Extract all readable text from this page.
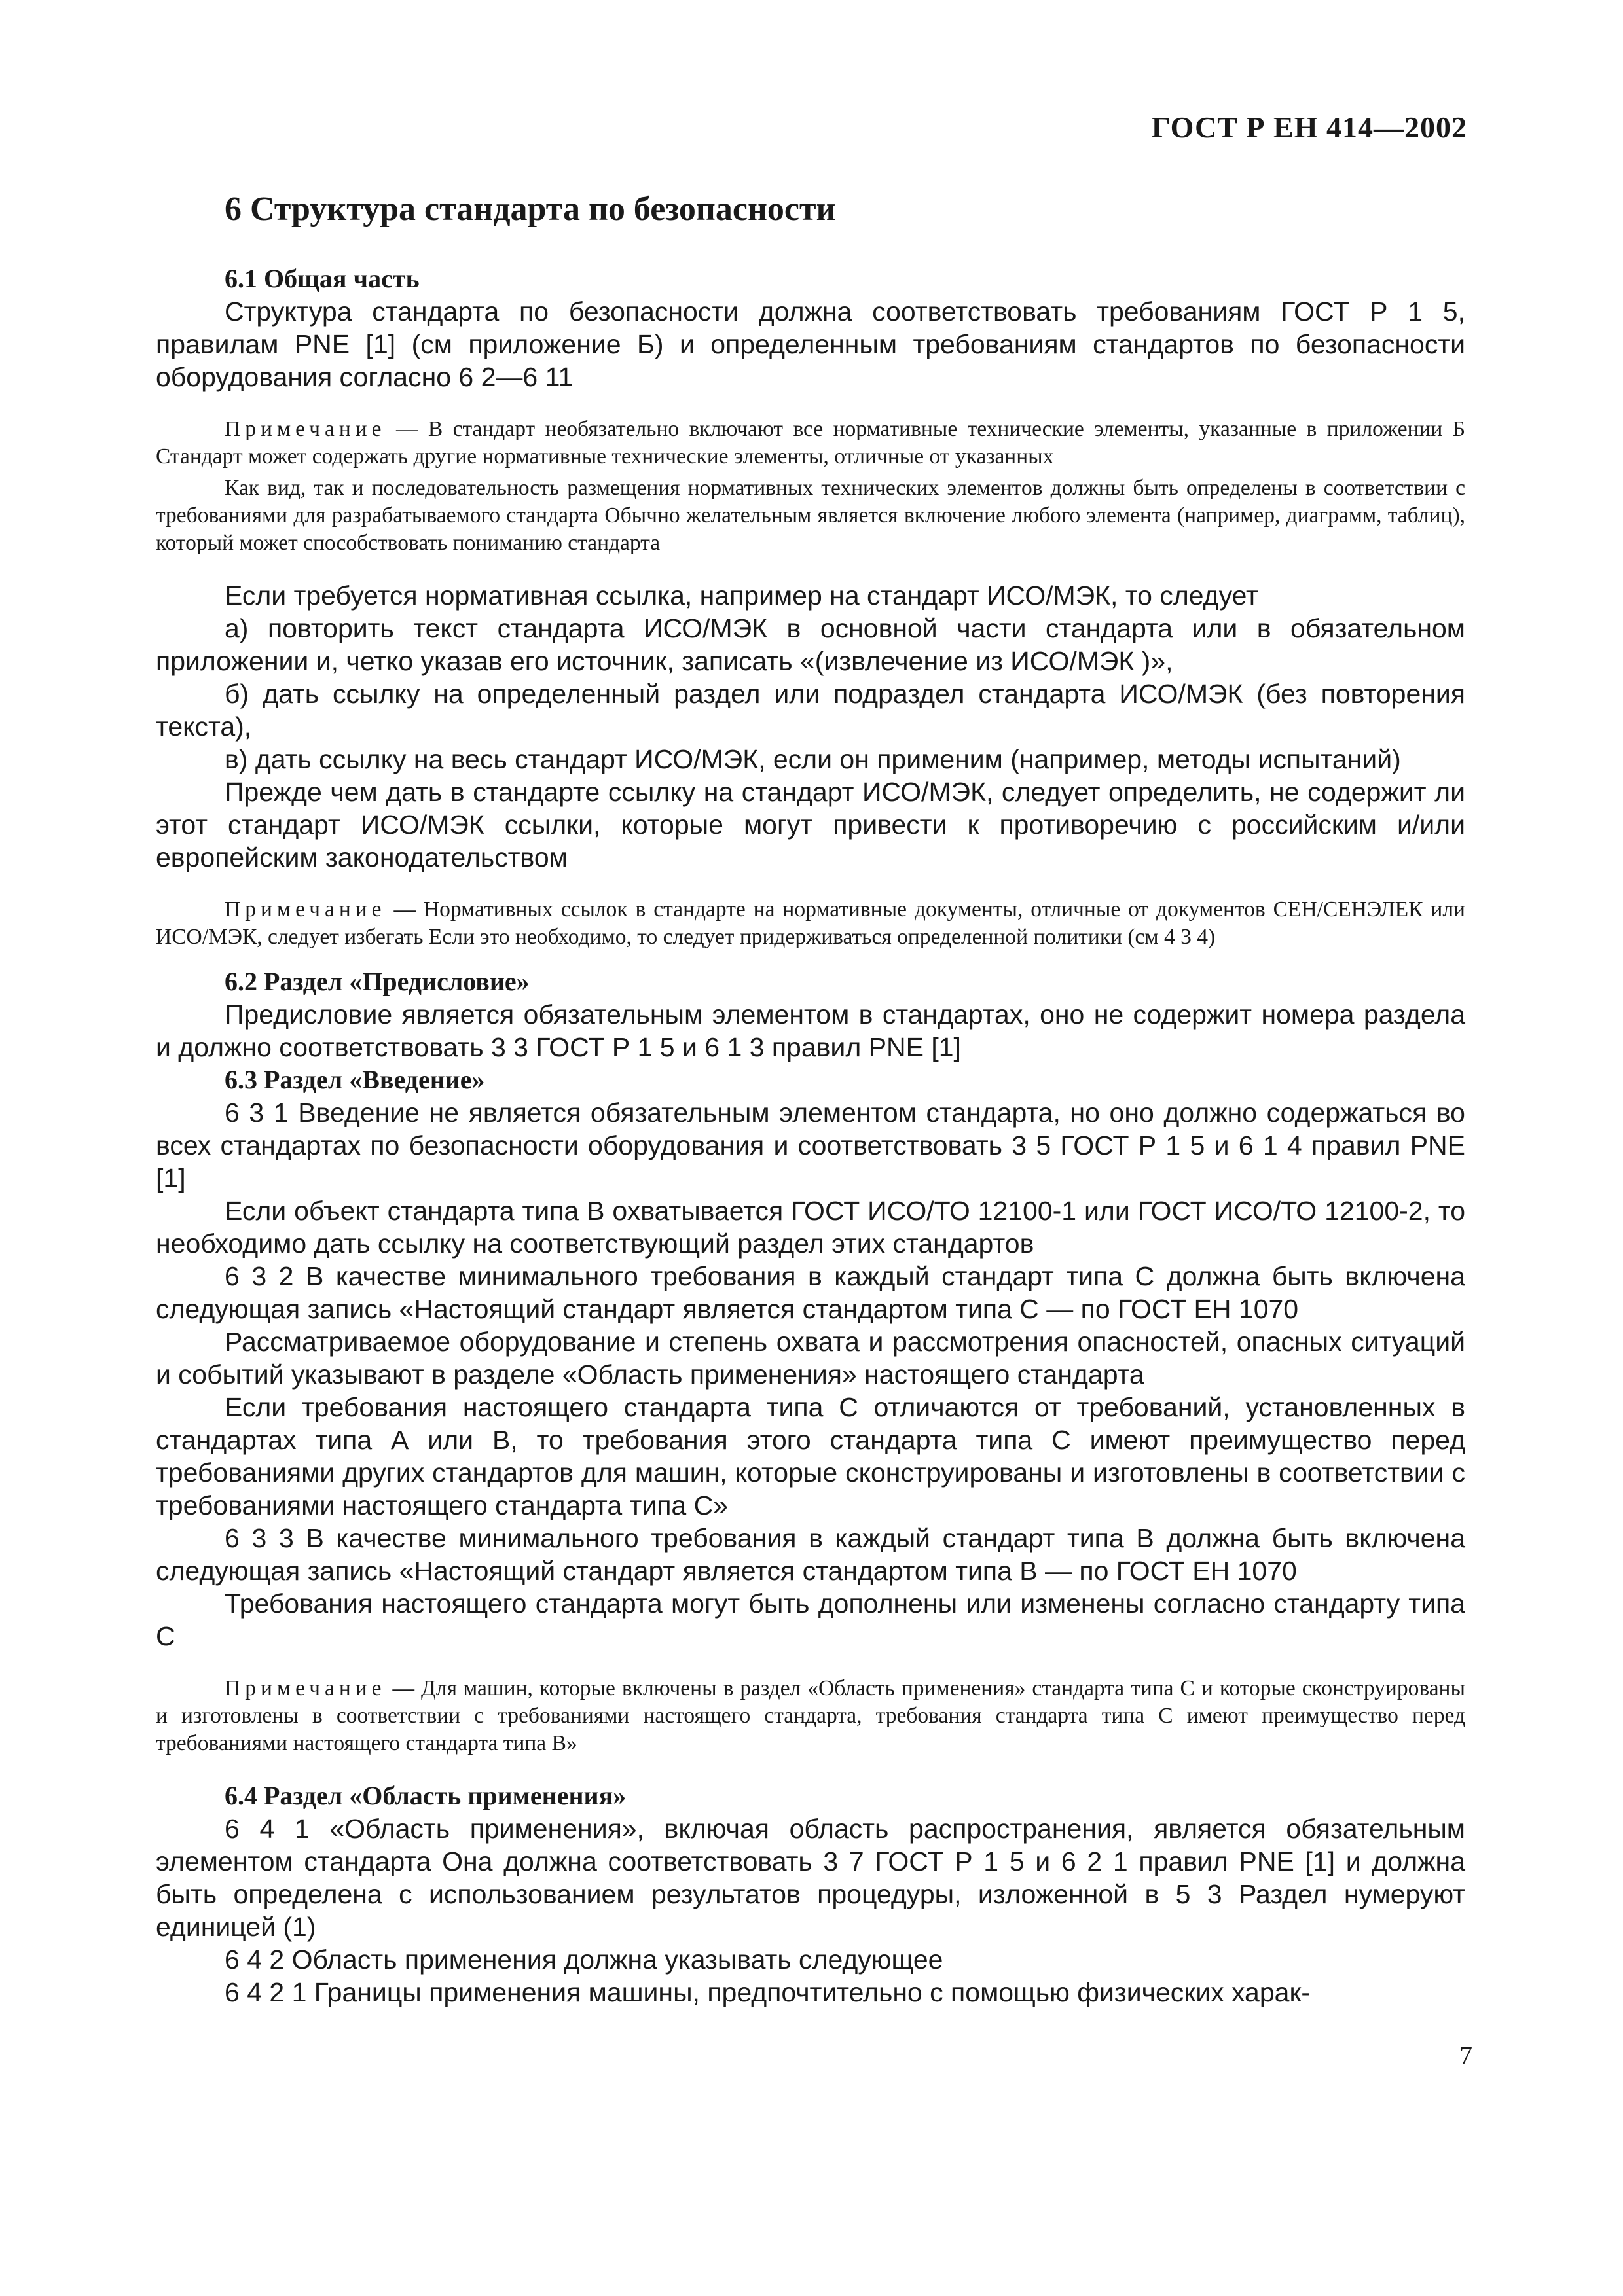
ГОСТ Р ЕН 414—2002
6 Структура стандарта по безопасности
6.1 Общая часть

Структура стандарта по безопасности должна соответствовать требованиям ГОСТ Р 1 5, правилам PNE [1] (см приложение Б) и определенным требованиям стандартов по безопасности оборудования согласно 6 2—6 11

Примечание — В стандарт необязательно включают все нормативные технические элементы, указанные в приложении Б Стандарт может содержать другие нормативные технические элементы, отличные от указанных

Как вид, так и последовательность размещения нормативных технических элементов должны быть определены в соответствии с требованиями для разрабатываемого стандарта Обычно желательным является включение любого элемента (например, диаграмм, таблиц), который может способствовать пониманию стандарта

Если требуется нормативная ссылка, например на стандарт ИСО/МЭК, то следует

а) повторить текст стандарта ИСО/МЭК в основной части стандарта или в обязательном приложении и, четко указав его источник, записать «(извлечение из ИСО/МЭК )»,

б) дать ссылку на определенный раздел или подраздел стандарта ИСО/МЭК (без повторения текста),

в) дать ссылку на весь стандарт ИСО/МЭК, если он применим (например, методы испытаний)

Прежде чем дать в стандарте ссылку на стандарт ИСО/МЭК, следует определить, не содержит ли этот стандарт ИСО/МЭК ссылки, которые могут привести к противоречию с российским и/или европейским законодательством

Примечание — Нормативных ссылок в стандарте на нормативные документы, отличные от документов СЕН/СЕНЭЛЕК или ИСО/МЭК, следует избегать Если это необходимо, то следует придерживаться определенной политики (см 4 3 4)

6.2 Раздел «Предисловие»

Предисловие является обязательным элементом в стандартах, оно не содержит номера раздела и должно соответствовать 3 3 ГОСТ Р 1 5 и 6 1 3 правил PNE [1]

6.3 Раздел «Введение»

6 3 1 Введение не является обязательным элементом стандарта, но оно должно содержаться во всех стандартах по безопасности оборудования и соответствовать 3 5 ГОСТ Р 1 5 и 6 1 4 правил PNE [1]

Если объект стандарта типа В охватывается ГОСТ ИСО/ТО 12100-1 или ГОСТ ИСО/ТО 12100-2, то необходимо дать ссылку на соответствующий раздел этих стандартов

6 3 2 В качестве минимального требования в каждый стандарт типа С должна быть включена следующая запись «Настоящий стандарт является стандартом типа С — по ГОСТ ЕН 1070

Рассматриваемое оборудование и степень охвата и рассмотрения опасностей, опасных ситуаций и событий указывают в разделе «Область применения» настоящего стандарта

Если требования настоящего стандарта типа С отличаются от требований, установленных в стандартах типа А или В, то требования этого стандарта типа С имеют преимущество перед требованиями других стандартов для машин, которые сконструированы и изготовлены в соответствии с требованиями настоящего стандарта типа С»

6 3 3 В качестве минимального требования в каждый стандарт типа В должна быть включена следующая запись «Настоящий стандарт является стандартом типа В — по ГОСТ ЕН 1070

Требования настоящего стандарта могут быть дополнены или изменены согласно стандарту типа С

Примечание — Для машин, которые включены в раздел «Область применения» стандарта типа С и которые сконструированы и изготовлены в соответствии с требованиями настоящего стандарта, требования стандарта типа С имеют преимущество перед требованиями настоящего стандарта типа В»

6.4 Раздел «Область применения»

6 4 1 «Область применения», включая область распространения, является обязательным элементом стандарта Она должна соответствовать 3 7 ГОСТ Р 1 5 и 6 2 1 правил PNE [1] и должна быть определена с использованием результатов процедуры, изложенной в 5 3 Раздел нумеруют единицей (1)

6 4 2 Область применения должна указывать следующее

6 4 2 1 Границы применения машины, предпочтительно с помощью физических харак-

7
